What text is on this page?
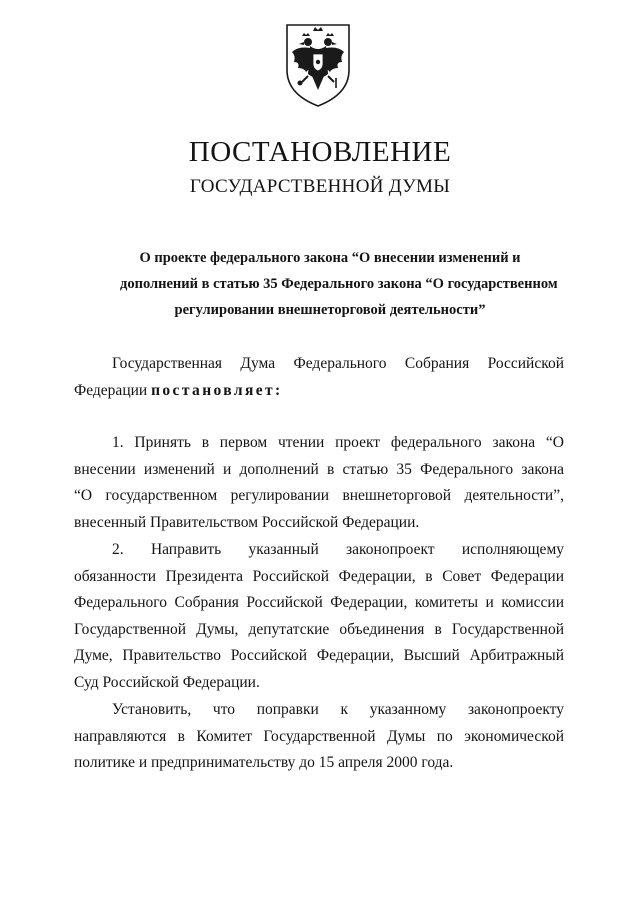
ПОСТАНОВЛЕНИЕ
ГОСУДАРСТВЕННОЙ ДУМЫ
О проекте федерального закона “О внесении изменений и
дополнений в статью 35 Федерального закона “О государственном
регулировании внешнеторговой деятельности”
Государственная Дума Федерального Собрания Российской
Федерации постановляет:
1. Принять в первом чтении проект федерального закона “О
внесении изменений и дополнений в статью 35 Федерального закона
“О государственном регулировании внешнеторговой деятельности”,
внесенный Правительством Российской Федерации.
2. Направить указанный законопроект исполняющему
обязанности Президента Российской Федерации, в Совет Федерации
Федерального Собрания Российской Федерации, комитеты и комиссии
Государственной Думы, депутатские объединения в Государственной
Думе, Правительство Российской Федерации, Высший Арбитражный
Суд Российской Федерации.
Установить, что поправки к указанному законопроекту
направляются в Комитет Государственной Думы по экономической
политике и предпринимательству до 15 апреля 2000 года.
